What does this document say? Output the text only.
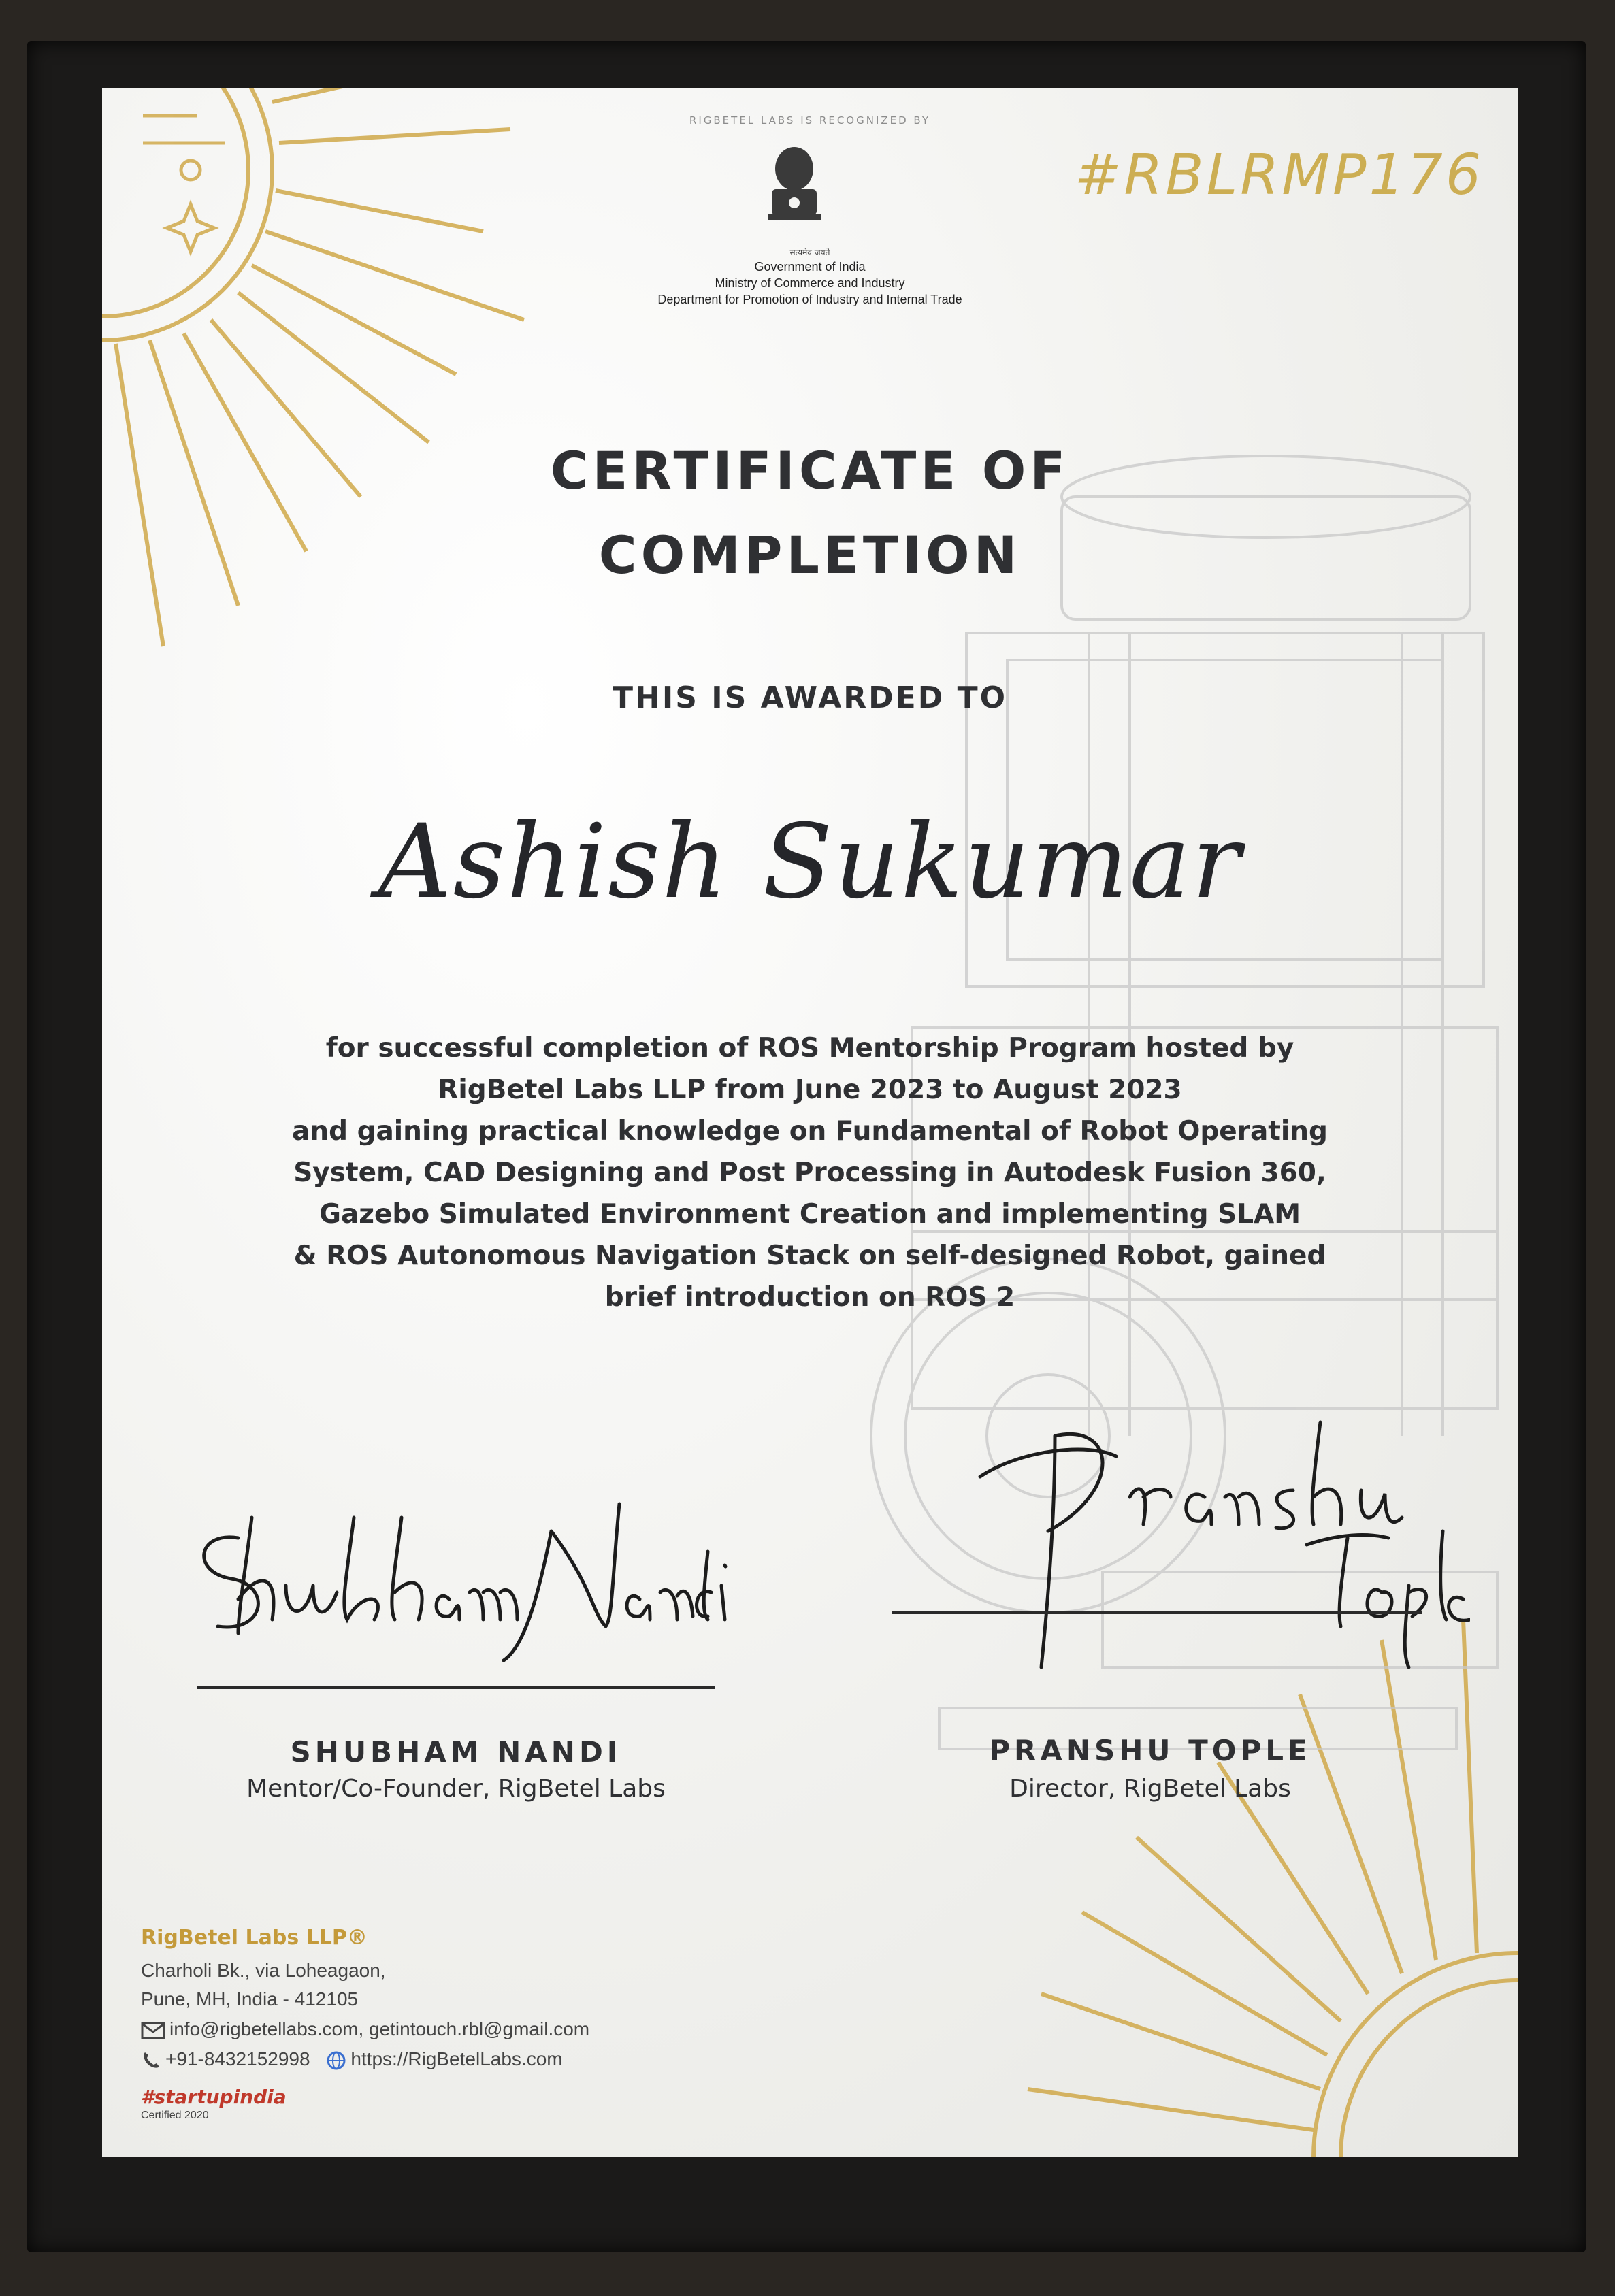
RIGBETEL LABS IS RECOGNIZED BY
सत्यमेव जयते
Government of India
Ministry of Commerce and Industry
Department for Promotion of Industry and Internal Trade
#RBLRMP176
CERTIFICATE OF
COMPLETION
THIS IS AWARDED TO
Ashish Sukumar
for successful completion of ROS Mentorship Program hosted by
RigBetel Labs LLP from June 2023 to August 2023
and gaining practical knowledge on Fundamental of Robot Operating
System, CAD Designing and Post Processing in Autodesk Fusion 360,
Gazebo Simulated Environment Creation and implementing SLAM
& ROS Autonomous Navigation Stack on self-designed Robot, gained
brief introduction on ROS 2
SHUBHAM NANDI
Mentor/Co-Founder, RigBetel Labs
PRANSHU TOPLE
Director, RigBetel Labs
RigBetel Labs LLP®
Charholi Bk., via Loheagaon,
Pune, MH, India - 412105
info@rigbetellabs.com, getintouch.rbl@gmail.com
+91-8432152998 https://RigBetelLabs.com
#startupindia
Certified 2020
